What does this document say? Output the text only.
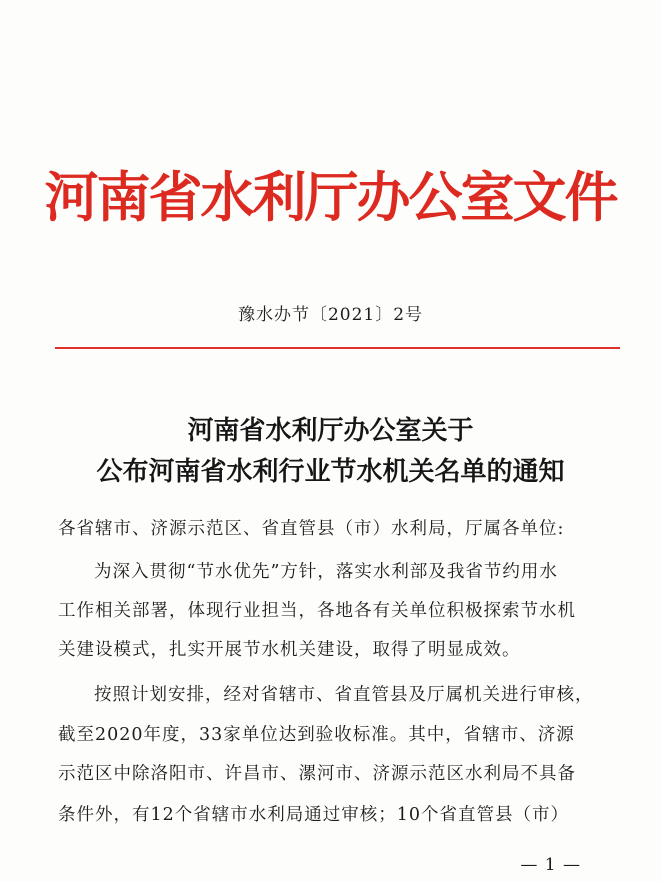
河南省水利厅办公室文件
豫水办节〔2021〕2号
河南省水利厅办公室关于
公布河南省水利行业节水机关名单的通知
各省辖市、济源示范区、省直管县（市）水利局，厅属各单位:
为深入贯彻“节水优先”方针，落实水利部及我省节约用水
工作相关部署，体现行业担当，各地各有关单位积极探索节水机
关建设模式，扎实开展节水机关建设，取得了明显成效。
按照计划安排，经对省辖市、省直管县及厅属机关进行审核，
截至2020年度，33家单位达到验收标准。其中，省辖市、济源
示范区中除洛阳市、许昌市、漯河市、济源示范区水利局不具备
条件外，有12个省辖市水利局通过审核；10个省直管县（市）
— 1 —
